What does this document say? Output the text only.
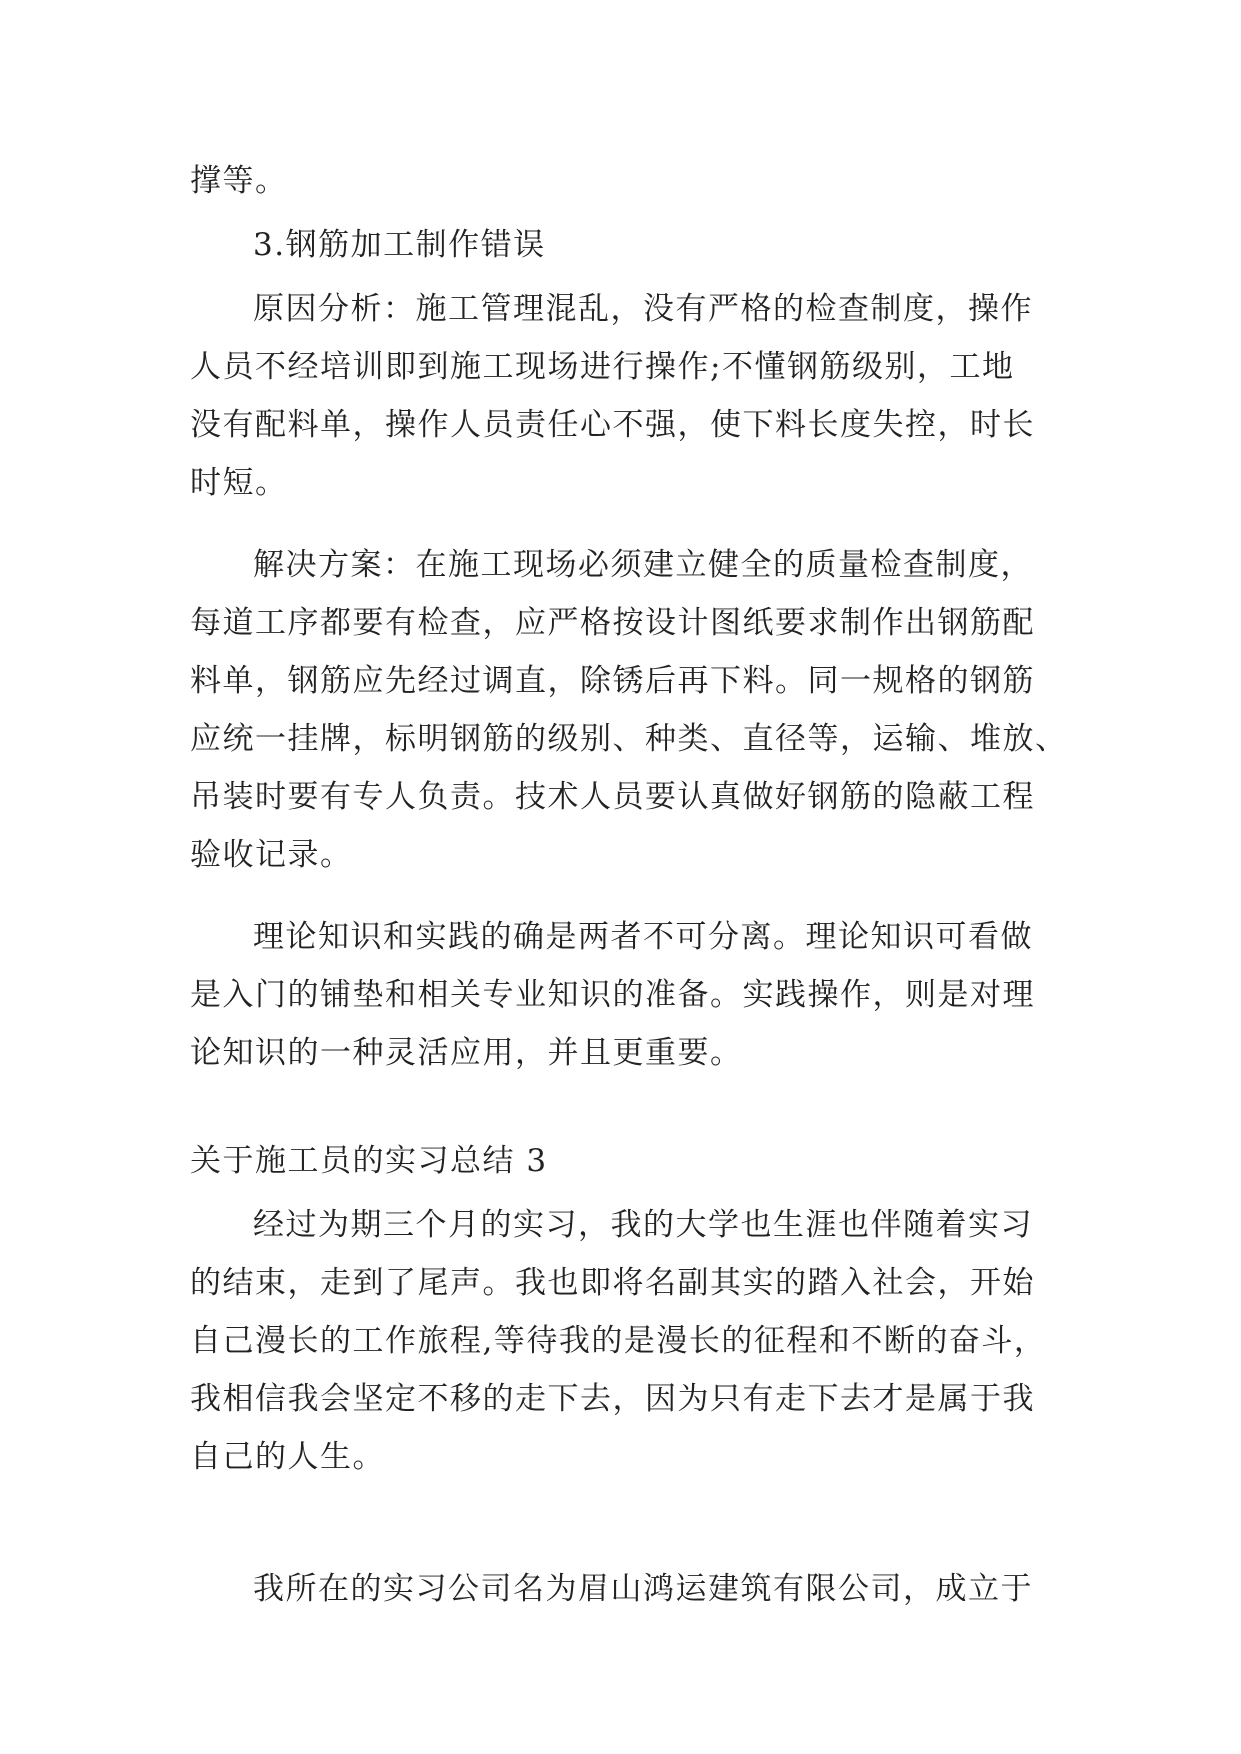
撑等。
3.钢筋加工制作错误
原因分析：施工管理混乱，没有严格的检查制度，操作
人员不经培训即到施工现场进行操作;不懂钢筋级别，工地
没有配料单，操作人员责任心不强，使下料长度失控，时长
时短。
解决方案：在施工现场必须建立健全的质量检查制度，
每道工序都要有检查，应严格按设计图纸要求制作出钢筋配
料单，钢筋应先经过调直，除锈后再下料。同一规格的钢筋
应统一挂牌，标明钢筋的级别、种类、直径等，运输、堆放、
吊装时要有专人负责。技术人员要认真做好钢筋的隐蔽工程
验收记录。
理论知识和实践的确是两者不可分离。理论知识可看做
是入门的铺垫和相关专业知识的准备。实践操作，则是对理
论知识的一种灵活应用，并且更重要。
关于施工员的实习总结 3
经过为期三个月的实习，我的大学也生涯也伴随着实习
的结束，走到了尾声。我也即将名副其实的踏入社会，开始
自己漫长的工作旅程,等待我的是漫长的征程和不断的奋斗，
我相信我会坚定不移的走下去，因为只有走下去才是属于我
自己的人生。
我所在的实习公司名为眉山鸿运建筑有限公司，成立于
